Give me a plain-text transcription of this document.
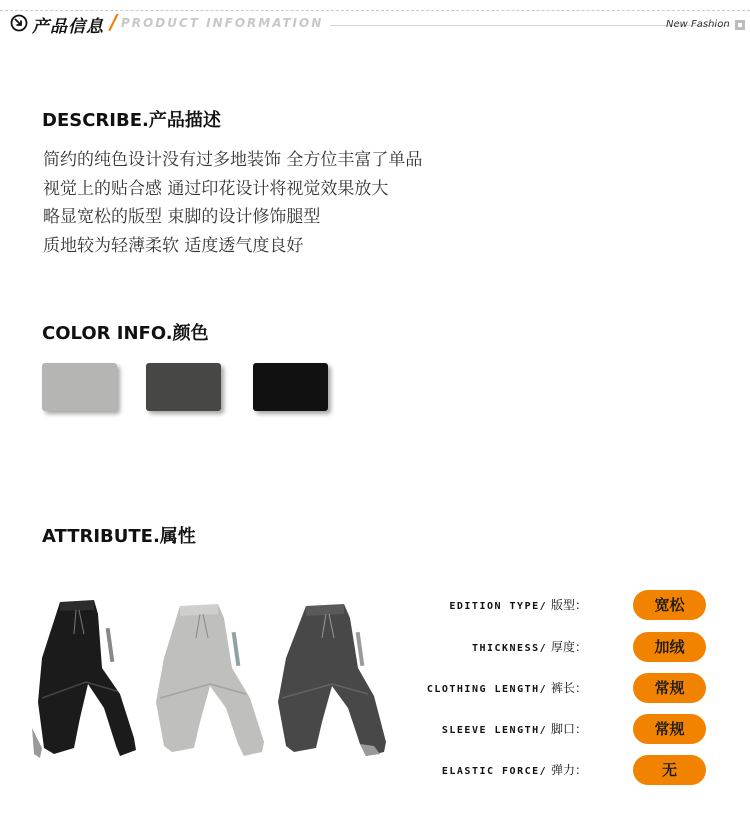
产品信息 / PRODUCT INFORMATION	New Fashion
DESCRIBE.产品描述
简约的纯色设计没有过多地装饰 全方位丰富了单品
视觉上的贴合感 通过印花设计将视觉效果放大
略显宽松的版型 束脚的设计修饰腿型
质地较为轻薄柔软 适度透气度良好
COLOR INFO.颜色
ATTRIBUTE.属性
EDITION TYPE/ 版型：	宽松
THICKNESS/ 厚度：	加绒
CLOTHING LENGTH/ 裤长：	常规
SLEEVE LENGTH/ 脚口：	常规
ELASTIC FORCE/ 弹力：	无
